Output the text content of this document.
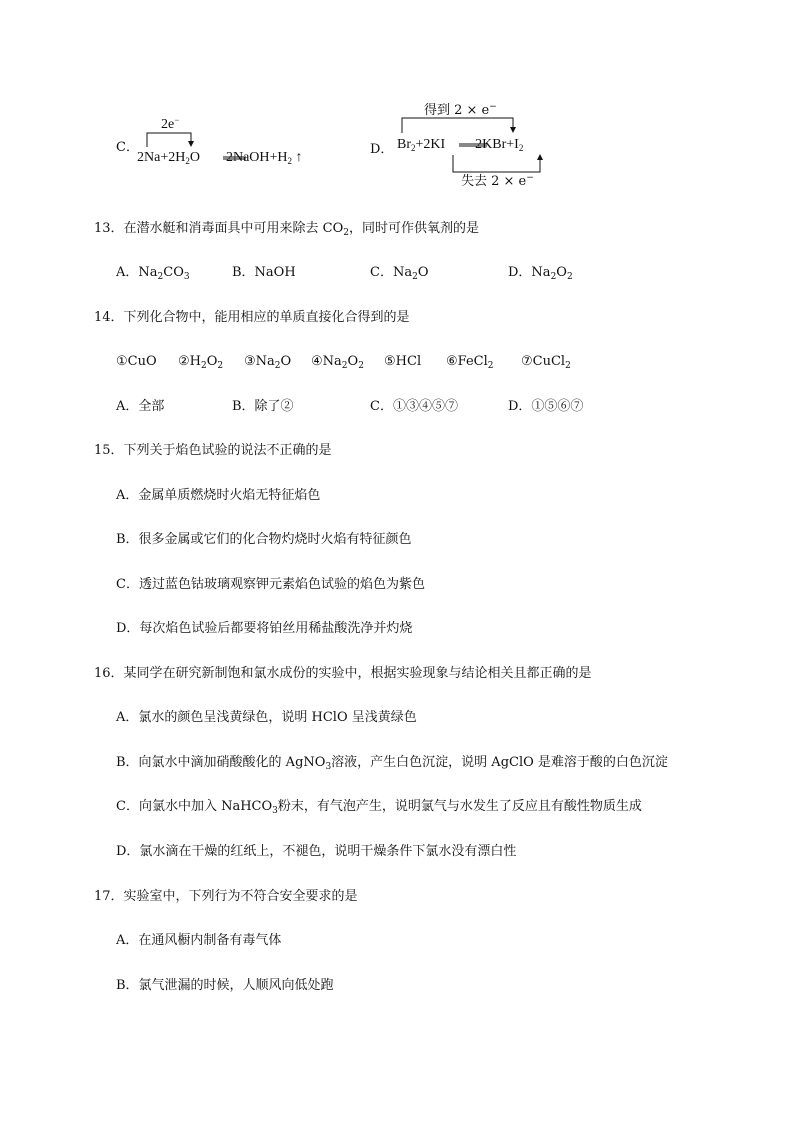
C．
2e−
$2Na+2H_2O$ $2NaOH+H_2$ ↑
D．
得到 2 × e−
$Br_2+2KI$ $2KBr+I_2$
失去 2 × e−
13．在潜水艇和消毒面具中可用来除去 $CO_2$，同时可作供氧剂的是
A．$Na_2CO_3$	B．NaOH	C．$Na_2O$	D．$Na_2O_2$
14．下列化合物中，能用相应的单质直接化合得到的是
①CuO $②H_2O_2$ $③Na_2O$ $④Na_2O_2$ ⑤HCl ⑥FeCl$_2$ ⑦CuCl$_2$
A．全部	B．除了②	C．①③④⑤⑦	D．①⑤⑥⑦
15．下列关于焰色试验的说法不正确的是
A．金属单质燃烧时火焰无特征焰色
B．很多金属或它们的化合物灼烧时火焰有特征颜色
C．透过蓝色钴玻璃观察钾元素焰色试验的焰色为紫色
D．每次焰色试验后都要将铂丝用稀盐酸洗净并灼烧
16．某同学在研究新制饱和氯水成份的实验中，根据实验现象与结论相关且都正确的是
A．氯水的颜色呈浅黄绿色，说明 HClO 呈浅黄绿色
B．向氯水中滴加硝酸酸化的 AgNO$_3$溶液，产生白色沉淀，说明 AgClO 是难溶于酸的白色沉淀
C．向氯水中加入 NaHCO$_3$粉末，有气泡产生，说明氯气与水发生了反应且有酸性物质生成
D．氯水滴在干燥的红纸上，不褪色，说明干燥条件下氯水没有漂白性
17．实验室中，下列行为不符合安全要求的是
A．在通风橱内制备有毒气体
B．氯气泄漏的时候，人顺风向低处跑
